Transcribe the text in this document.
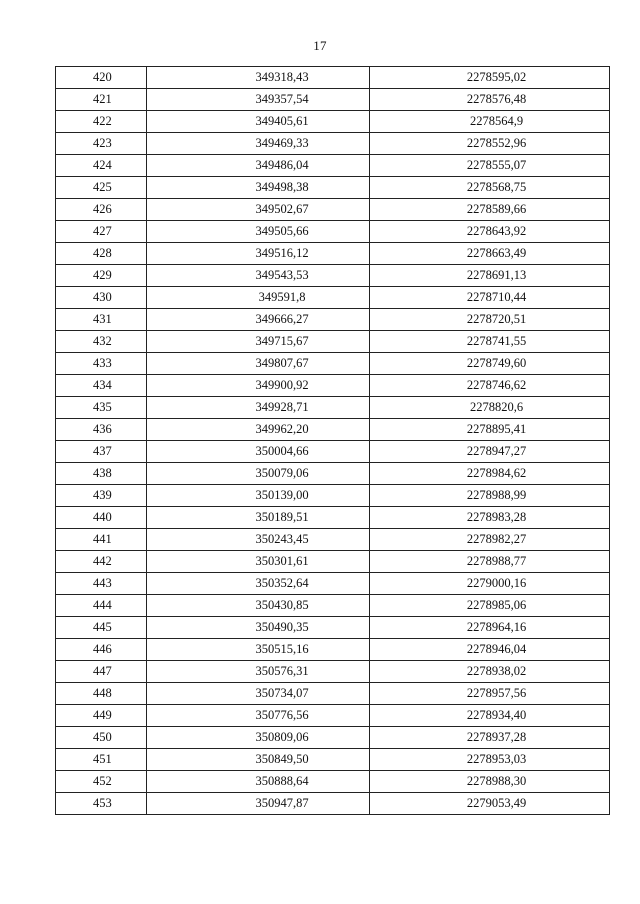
17
420	349318,43	2278595,02
421	349357,54	2278576,48
422	349405,61	2278564,9
423	349469,33	2278552,96
424	349486,04	2278555,07
425	349498,38	2278568,75
426	349502,67	2278589,66
427	349505,66	2278643,92
428	349516,12	2278663,49
429	349543,53	2278691,13
430	349591,8	2278710,44
431	349666,27	2278720,51
432	349715,67	2278741,55
433	349807,67	2278749,60
434	349900,92	2278746,62
435	349928,71	2278820,6
436	349962,20	2278895,41
437	350004,66	2278947,27
438	350079,06	2278984,62
439	350139,00	2278988,99
440	350189,51	2278983,28
441	350243,45	2278982,27
442	350301,61	2278988,77
443	350352,64	2279000,16
444	350430,85	2278985,06
445	350490,35	2278964,16
446	350515,16	2278946,04
447	350576,31	2278938,02
448	350734,07	2278957,56
449	350776,56	2278934,40
450	350809,06	2278937,28
451	350849,50	2278953,03
452	350888,64	2278988,30
453	350947,87	2279053,49
